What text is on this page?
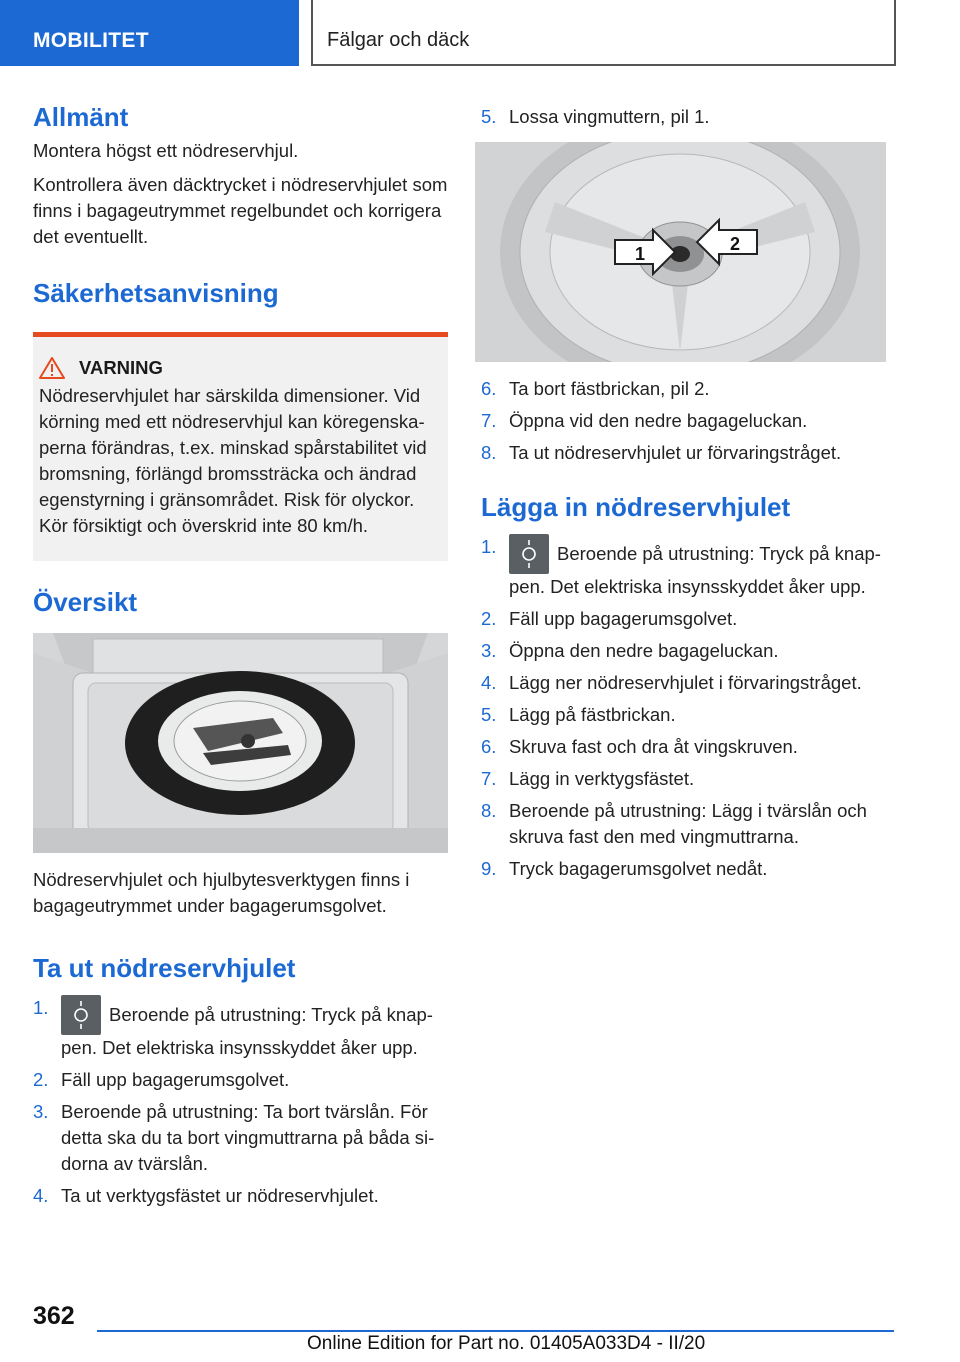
MOBILITET	Fälgar och däck
Allmänt

Montera högst ett nödreservhjul.

Kontrollera även däcktrycket i nödreservhjulet som finns i bagageutrymmet regelbundet och korrigera det eventuellt.

Säkerhetsanvisning
VARNING

Nödreservhjulet har särskilda dimensioner. Vid körning med ett nödreservhjul kan köregenska-perna förändras, t.ex. minskad spårstabilitet vid bromsning, förlängd bromssträcka och ändrad egenstyrning i gränsområdet. Risk för olyckor. Kör försiktigt och överskrid inte 80 km/h.

Översikt

Nödreservhjulet och hjulbytesverktygen finns i bagageutrymmet under bagagerumsgolvet.

Ta ut nödreservhjulet
1.	Beroende på utrustning: Tryck på knap-pen. Det elektriska insynsskyddet åker upp.
2. Fäll upp bagagerumsgolvet.
3. Beroende på utrustning: Ta bort tvärslån. För detta ska du ta bort vingmuttrarna på båda si-dorna av tvärslån.
4. Ta ut verktygsfästet ur nödreservhjulet.
5. Lossa vingmuttern, pil 1.
1	2
6. Ta bort fästbrickan, pil 2.
7. Öppna vid den nedre bagageluckan.
8. Ta ut nödreservhjulet ur förvaringstråget.
Lägga in nödreservhjulet
1.	Beroende på utrustning: Tryck på knap-pen. Det elektriska insynsskyddet åker upp.
2. Fäll upp bagagerumsgolvet.
3. Öppna den nedre bagageluckan.
4. Lägg ner nödreservhjulet i förvaringstråget.
5. Lägg på fästbrickan.
6. Skruva fast och dra åt vingskruven.
7. Lägg in verktygsfästet.
8. Beroende på utrustning: Lägg i tvärslån och skruva fast den med vingmuttrarna.
9. Tryck bagagerumsgolvet nedåt.
362
Online Edition for Part no. 01405A033D4 - II/20
